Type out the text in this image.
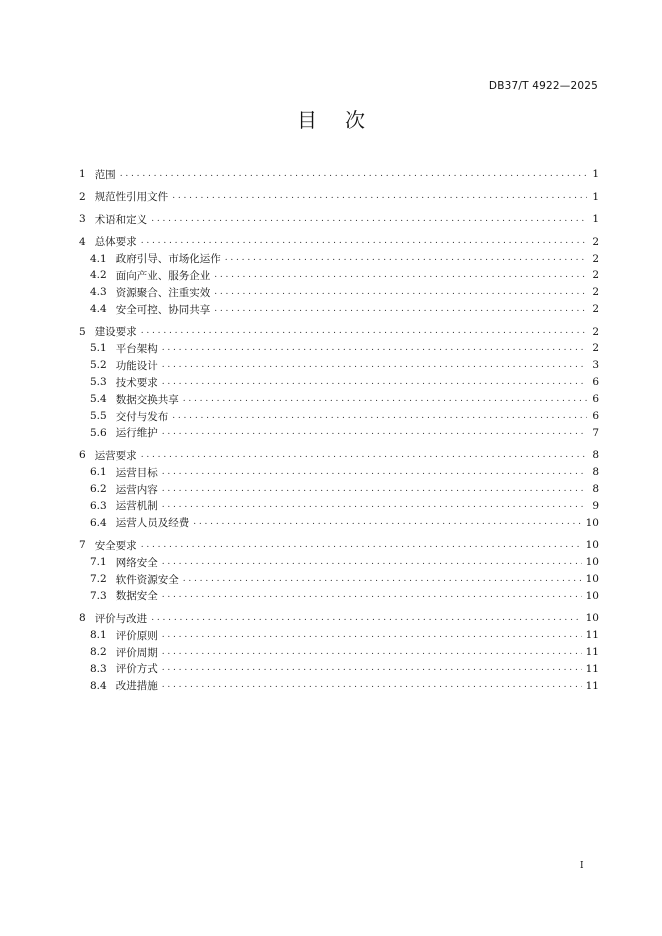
DB37/T 4922—2025
目 次
1 范围 .....	1
2 规范性引用文件 .....	1
3 术语和定义 .....	1
4 总体要求 .....	2
4.1 政府引导、市场化运作 .....	2
4.2 面向产业、服务企业 .....	2
4.3 资源聚合、注重实效 .....	2
4.4 安全可控、协同共享 .....	2
5 建设要求 .....	2
5.1 平台架构 .....	2
5.2 功能设计 .....	3
5.3 技术要求 .....	6
5.4 数据交换共享 .....	6
5.5 交付与发布 .....	6
5.6 运行维护 .....	7
6 运营要求 .....	8
6.1 运营目标 .....	8
6.2 运营内容 .....	8
6.3 运营机制 .....	9
6.4 运营人员及经费 .....	10
7 安全要求 .....	10
7.1 网络安全 .....	10
7.2 软件资源安全 .....	10
7.3 数据安全 .....	10
8 评价与改进 .....	10
8.1 评价原则 .....	11
8.2 评价周期 .....	11
8.3 评价方式 .....	11
8.4 改进措施 .....	11
I
